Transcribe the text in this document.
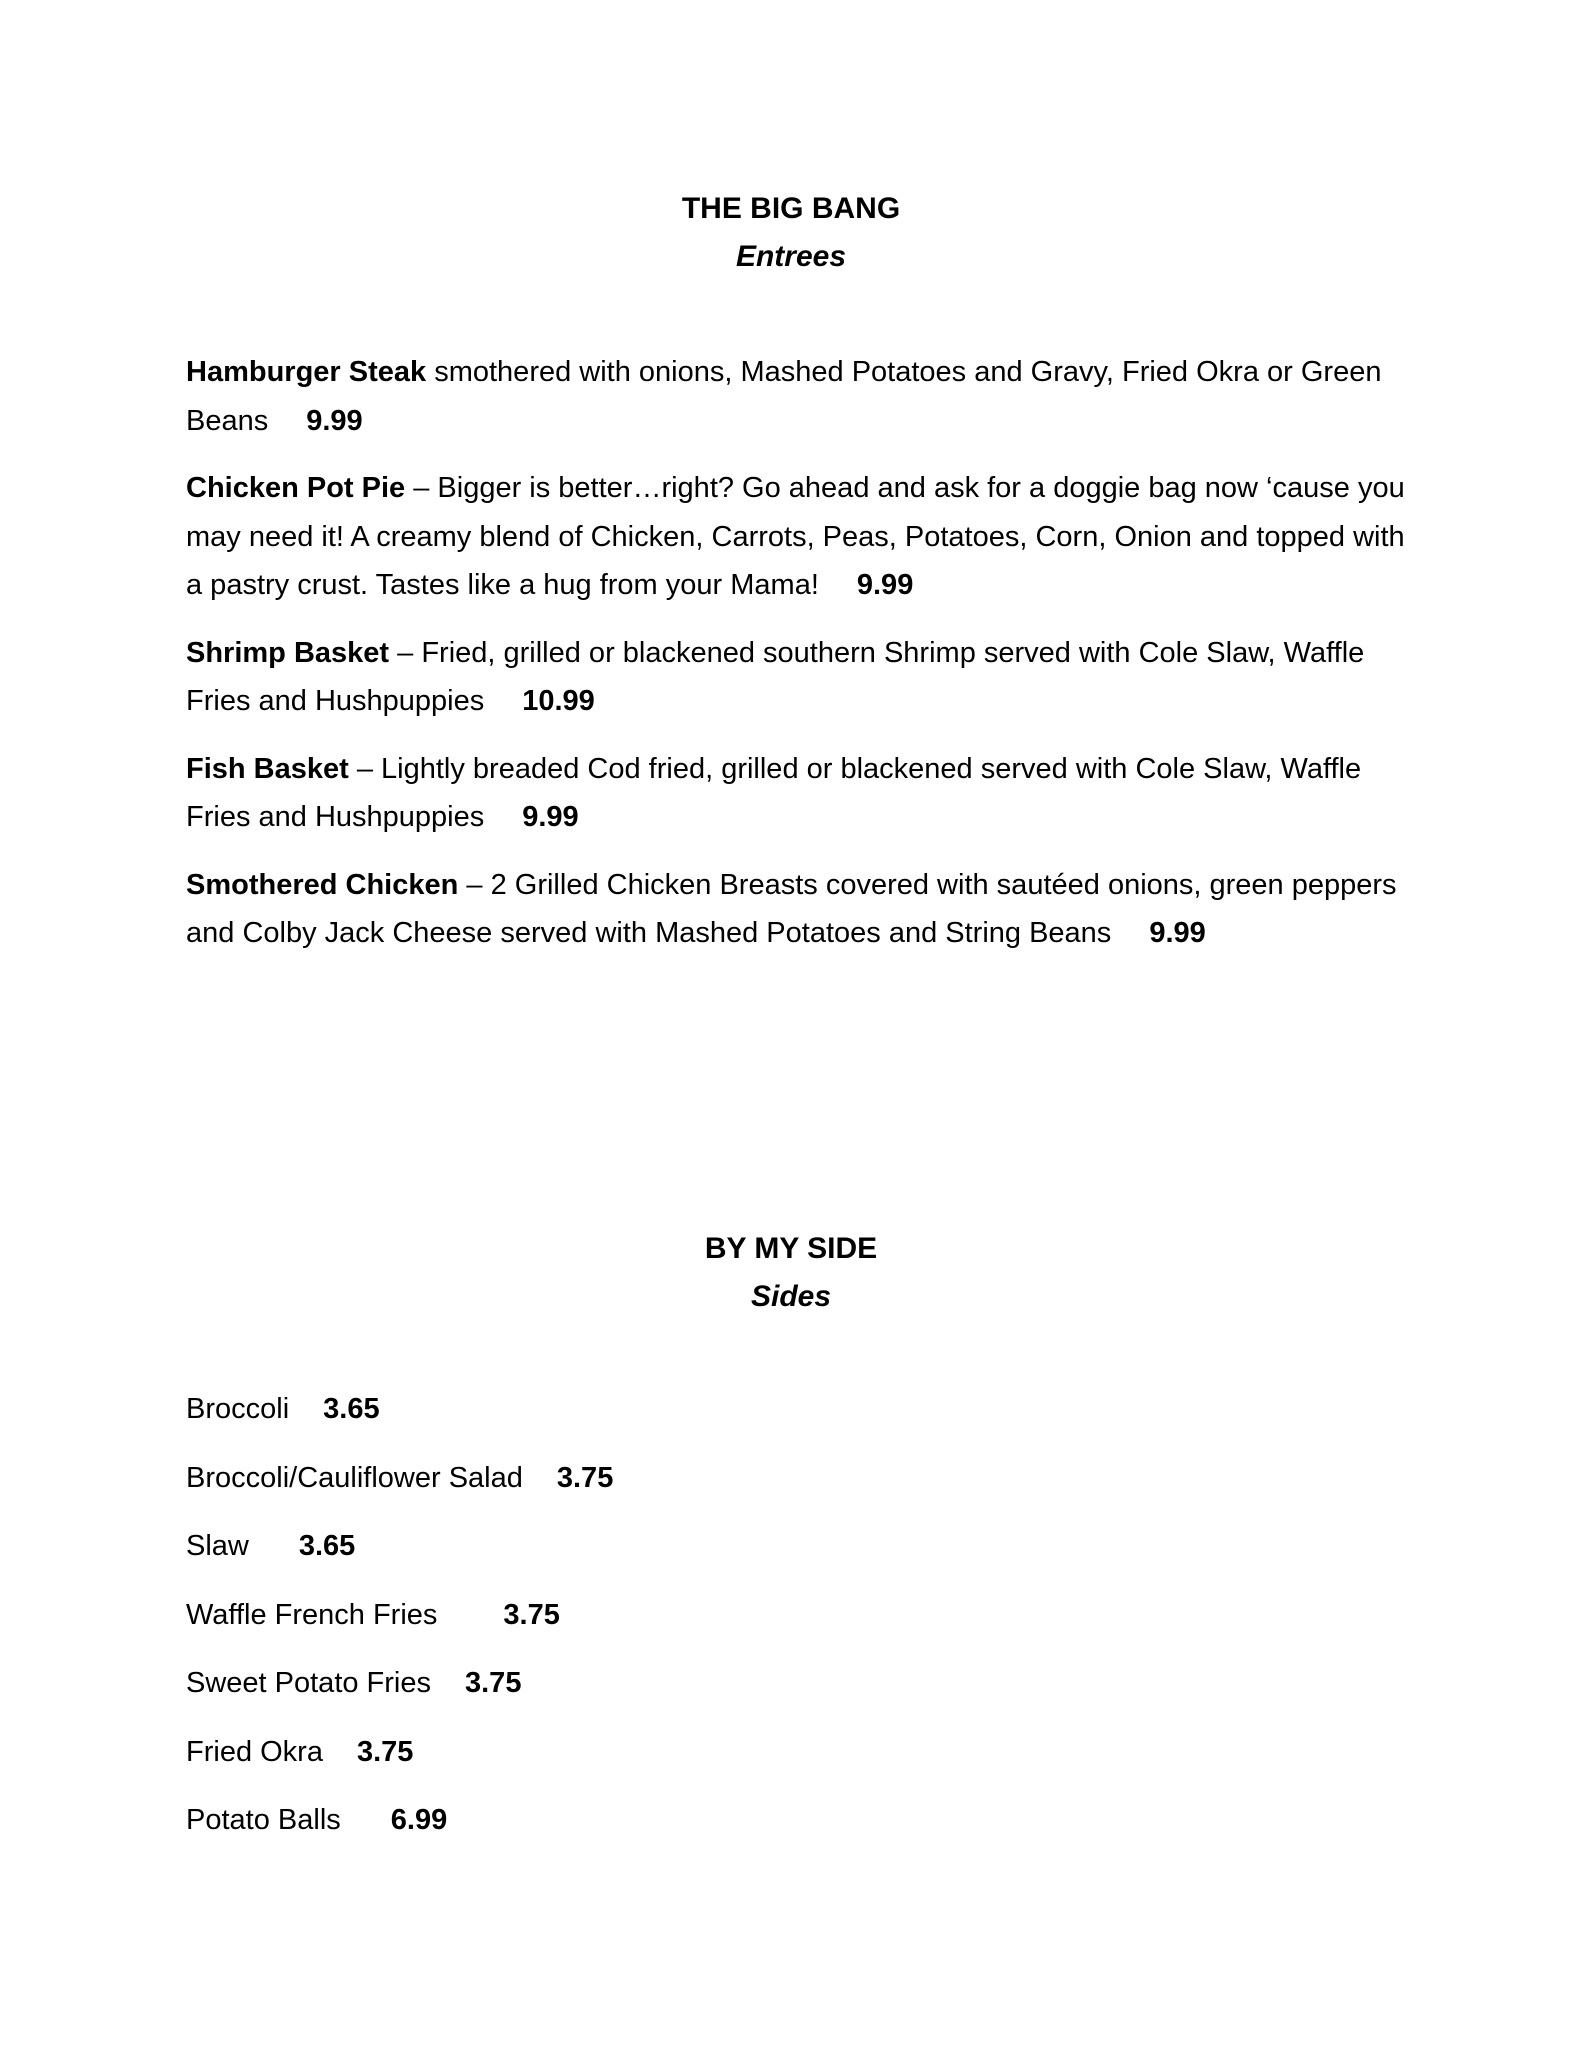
THE BIG BANG

Entrees

Hamburger Steak smothered with onions, Mashed Potatoes and Gravy, Fried Okra or Green Beans 9.99

Chicken Pot Pie – Bigger is better…right? Go ahead and ask for a doggie bag now ‘cause you may need it! A creamy blend of Chicken, Carrots, Peas, Potatoes, Corn, Onion and topped with a pastry crust. Tastes like a hug from your Mama! 9.99

Shrimp Basket – Fried, grilled or blackened southern Shrimp served with Cole Slaw, Waffle Fries and Hushpuppies 10.99

Fish Basket – Lightly breaded Cod fried, grilled or blackened served with Cole Slaw, Waffle Fries and Hushpuppies 9.99

Smothered Chicken – 2 Grilled Chicken Breasts covered with sautéed onions, green peppers and Colby Jack Cheese served with Mashed Potatoes and String Beans 9.99

BY MY SIDE

Sides

Broccoli 3.65

Broccoli/Cauliflower Salad 3.75

Slaw 3.65

Waffle French Fries 3.75

Sweet Potato Fries 3.75

Fried Okra 3.75

Potato Balls 6.99
